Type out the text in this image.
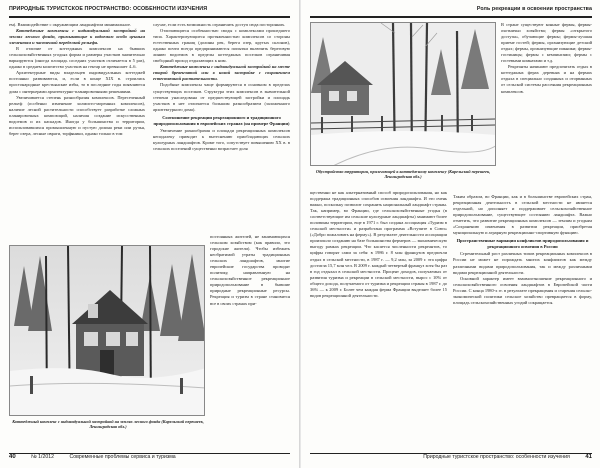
ПРИРОДНЫЕ ТУРИСТСКОЕ ПРОСТРАНСТВО: ОСОБЕННОСТИ ИЗУЧЕНИЯ

ем). Взаимодействие с окружающим ландшафтом минимальное.

Коттеджные комплексы с индивидуальной застройкой на землях лесного фонда, примыкающие к водоемам особо ценным элементам и частичной переделкой рельефа.

В отличие от коттеджных комплексов на бывших сельскохозяйственных угодьях форма и размеры участков значительно варьируются (иногда площадь соседних участков отличается в 5 раз), однако в среднем количество участков на гектар не превышает 4–6.

Архитектурные виды владельцев индивидуальных коттеджей постоянно развиваются, и, если в конце XIX в. строились простонародные крестьянские избы, то в последние годы появляются дома с интерьерами архитектурно-планировочными решениями.

Увеличивается степень разнообразия комплексов. Пересеченный рельеф (особенно изменение холмисто-моренных комплексов), наличие лесной растительности способствует разработке сложных планировочных композиций, наличия создание искусственных водоемов и их каскадов. Иногда у большинства и территории, использовавшихся промышленную и пустую долина реки или ручья, берег озера, лесные овраги, торфяники, однако только в том

случае, если есть возможность ограничить доступ сюда посторонних.

Отличающиеся особенностью своды с комплексами прошедшего типа. Характеризующиеся протяженностью комплексов со стороны естественных границ (долины рек, берега озер, крутых склонов), однако почти всегда предпринимаются попытки включить береговую линию водоемов в пределы коттеджных поселков ограничивая свободный проход отдыхающих к ним.

Коттеджные комплексы с индивидуальной застройкой на месте старой бревенчатой или в новой застройке с сохранением естественной растительности.

Подобные комплексы чаще формируются в основном в пределах существующих поселков. Структура этих комплексов в значительной степени унаследована от предшествующей застройки и площадь участков в нет отличается большим разнообразием (заложенного архитектурного дома).

Соотношение рекреации рекреационного и традиционного природопользования в европейских странах (на примере Франции)

Увеличение разнообразия и площади рекреационных комплексов неподалеку приводит к вытеснению приобладающих сельских культурных ландшафтов. Кроме того, сопутствует повышению XX в. в сельских поселений существенно возрастает доля

Коттеджный комплекс с индивидуальной застройкой на землях лесного фонда (Карельский перешеек, Ленинградская обл.)

постоянных жителей, не занимающихся сельским хозяйством (как правило, это городские жители). Чтобы избежать необратимой утраты традиционных сельских ландшафтов, многие европейские государства проводят политику, направленную на сельскохозяйственное рекреационное природопользование в бывшие природные рекреационные ресурсы. Рекреация и туризм в стране становится все в своих странах при-

40	№ 1/2012	Современные проблемы сервиса и туризма
Роль рекреации в освоении пространства
Обустройство территории, прилегающей к коттеджному комплексу (Карельский перешеек, Ленинградская обл.)

щественно не как альтернативный способ природопользования, но как поддержка традиционных способов освоения ландшафта. И это очень важно, поскольку позволит сохранить национальный ландшафт страны. Так, например, во Франции, где сельскохозяйственные угодья (в соответствующие им сельские культурные ландшафты) занимают более половины территории, еще в 1971 г. был создана ассоциация «Туризм в сельской местности» и разработана программа «Вступите в Союз» («Добро пожаловать на ферму»). В результате деятельности ассоциации произошло созданию на базе большинства фермеров — экономическую выгоду рамках рекреации. Что касается численности рекреантов, то цифры говорят сами за себя: в 1986 г. 8 млн французов предпочли отдых в сельской местности, в 1987 г. — 9,2 млн, за 2009 г. эта цифра достигла 15,7 млн чел. В 2009 г. каждый четвертый француз хотя бы раз в год отдыхал в сельской местности. Процент доходов, получаемых от развития туризма и рекреации в сельской местности, вырос с 10% от общего дохода, получаемого от туризма и рекреации страны в 1987 г. до 36% — к 2009 г. Более чем каждая ферма Франции выделяет более 15 видов рекреационной деятельности.

В стране существуют конные фермы, фермы-охотничьи хозяйства; фермы «открытого доступа», обучающие фермы; фермы-лучшая приеме гостей; фермы, организующие детский отдых; фермы, организующие пикники; фермы-гостиницы; фермы с кемпингами; фермы с гостевыми комнатами и т.д.

Рекреанты начинают предпочитать отдых в коттеджных ферах деревнях и на фермах отдыха в специально созданных и оторванных от сельской системы рассеяния рекреационных комплексов.

Таким образом, во Франции, как и в большинстве европейских стран, рекреационная деятельность в сельской местности не является отдельной, но дополняет и поддерживает сельскохозяйственное природопользование, существующее состоянию ландшафта. Важно отметить, что развитие рекреационных комплексов — землям и угодьям «Сохранению изменения в развитии рекреации, приобретая муниципальную и аграрную рекреационно-спортивную функцию.

Пространственные вариации конфликтов природопользования и рекреационного освоения в России

Стремительный рост различных типов рекреационных комплексов в России не может не порождать многих конфликтов как между различными видами природопользования, так и между различными видами рекреационной деятельности.

Основной характер имеет взаимоотношение рекреационного и сельскохозяйственного освоения ландшафтов в Европейской части России. С конца 1980-х гг. в результате прекращения и старения сельско-экономической политики сельское хозяйство превращается в форму, площадь сельскохозяйственных угодий сокращается.

Природные туристское пространство: особенности изучения	41
